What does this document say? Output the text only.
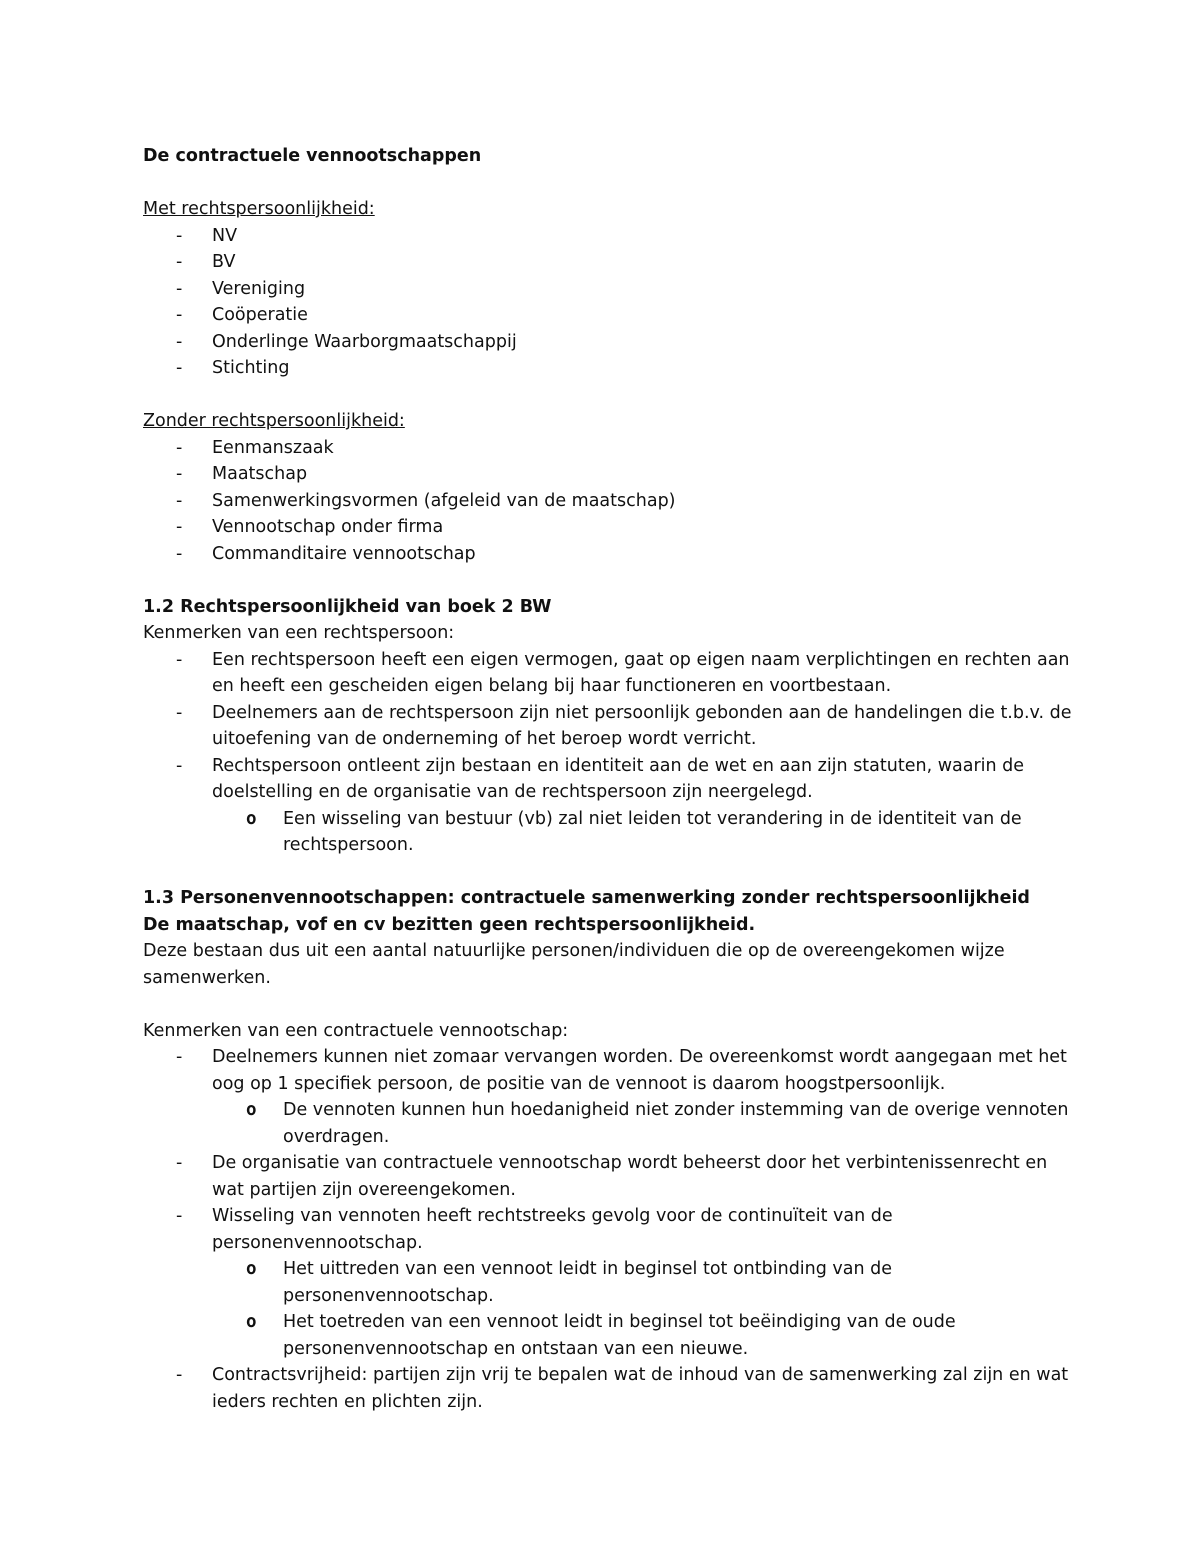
De contractuele vennootschappen

Met rechtspersoonlijkheid:

- NV
- BV
- Vereniging
- Coöperatie
- Onderlinge Waarborgmaatschappij
- Stichting

Zonder rechtspersoonlijkheid:

- Eenmanszaak
- Maatschap
- Samenwerkingsvormen (afgeleid van de maatschap)
- Vennootschap onder firma
- Commanditaire vennootschap

1.2 Rechtspersoonlijkheid van boek 2 BW

Kenmerken van een rechtspersoon:

- Een rechtspersoon heeft een eigen vermogen, gaat op eigen naam verplichtingen en rechten aan en heeft een gescheiden eigen belang bij haar functioneren en voortbestaan.
- Deelnemers aan de rechtspersoon zijn niet persoonlijk gebonden aan de handelingen die t.b.v. de uitoefening van de onderneming of het beroep wordt verricht.
- Rechtspersoon ontleent zijn bestaan en identiteit aan de wet en aan zijn statuten, waarin de doelstelling en de organisatie van de rechtspersoon zijn neergelegd.
o Een wisseling van bestuur (vb) zal niet leiden tot verandering in de identiteit van de rechtspersoon.

1.3 Personenvennootschappen: contractuele samenwerking zonder rechtspersoonlijkheid

De maatschap, vof en cv bezitten geen rechtspersoonlijkheid.

Deze bestaan dus uit een aantal natuurlijke personen/individuen die op de overeengekomen wijze samenwerken.

Kenmerken van een contractuele vennootschap:

- Deelnemers kunnen niet zomaar vervangen worden. De overeenkomst wordt aangegaan met het oog op 1 specifiek persoon, de positie van de vennoot is daarom hoogstpersoonlijk.
o De vennoten kunnen hun hoedanigheid niet zonder instemming van de overige vennoten overdragen.
- De organisatie van contractuele vennootschap wordt beheerst door het verbintenissenrecht en wat partijen zijn overeengekomen.
- Wisseling van vennoten heeft rechtstreeks gevolg voor de continuïteit van de personenvennootschap.
o Het uittreden van een vennoot leidt in beginsel tot ontbinding van de personenvennootschap.
o Het toetreden van een vennoot leidt in beginsel tot beëindiging van de oude personenvennootschap en ontstaan van een nieuwe.
- Contractsvrijheid: partijen zijn vrij te bepalen wat de inhoud van de samenwerking zal zijn en wat ieders rechten en plichten zijn.
